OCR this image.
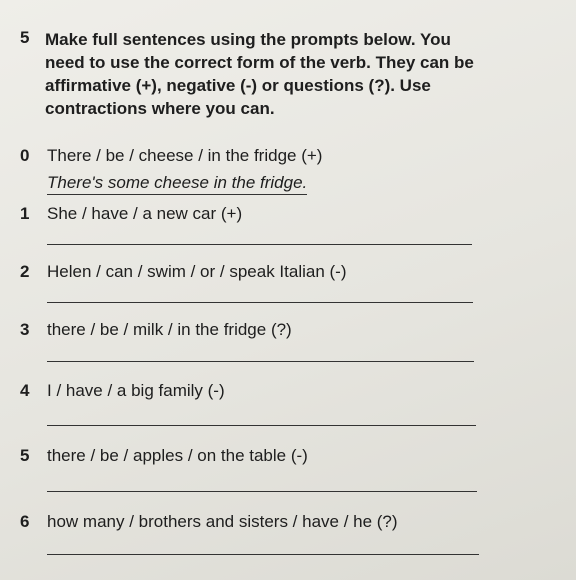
5 Make full sentences using the prompts below. You need to use the correct form of the verb. They can be affirmative (+), negative (-) or questions (?). Use contractions where you can.
0 There / be / cheese / in the fridge (+)
There's some cheese in the fridge.
1 She / have / a new car (+)
2 Helen / can / swim / or / speak Italian (-)
3 there / be / milk / in the fridge (?)
4 I / have / a big family (-)
5 there / be / apples / on the table (-)
6 how many / brothers and sisters / have / he (?)
